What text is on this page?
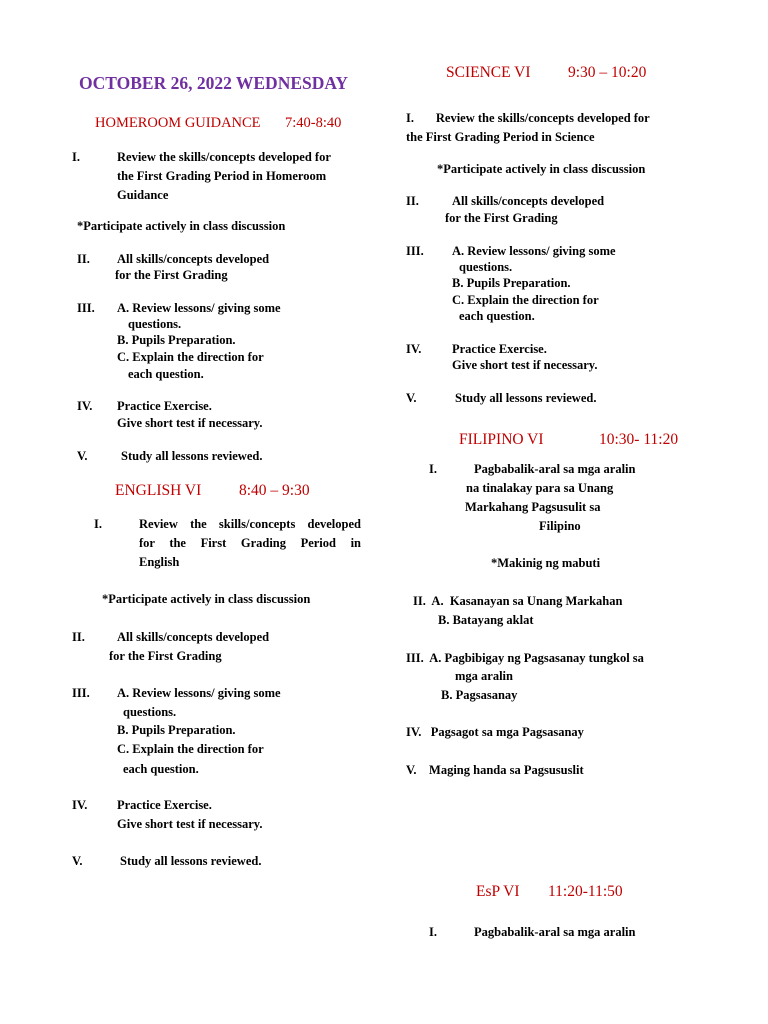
OCTOBER 26, 2022 WEDNESDAY
HOMEROOM GUIDANCE 7:40-8:40
I.	Review the skills/concepts developed for
the First Grading Period in Homeroom
Guidance
*Participate actively in class discussion
II. All skills/concepts developed
for the First Grading
III. A. Review lessons/ giving some
questions.
B. Pupils Preparation.
C. Explain the direction for
each question.
IV. Practice Exercise.
Give short test if necessary.
V.	Study all lessons reviewed.
ENGLISH VI 8:40 – 9:30
I.	Review the skills/concepts developed
for the First Grading Period in
English
*Participate actively in class discussion
II.	All skills/concepts developed
for the First Grading
III. A. Review lessons/ giving some
questions.
B. Pupils Preparation.
C. Explain the direction for
each question.
IV. Practice Exercise.
Give short test if necessary.
V.	Study all lessons reviewed.
SCIENCE VI 9:30 – 10:20
I.       Review the skills/concepts developed for
the First Grading Period in Science
*Participate actively in class discussion
II.	All skills/concepts developed
for the First Grading
III. A. Review lessons/ giving some
questions.
B. Pupils Preparation.
C. Explain the direction for
each question.
IV. Practice Exercise.
Give short test if necessary.
V.	Study all lessons reviewed.
FILIPINO VI	10:30- 11:20
I.	Pagbabalik-aral sa mga aralin
na tinalakay para sa Unang
Markahang Pagsusulit sa
Filipino
*Makinig ng mabuti
II.  A.  Kasanayan sa Unang Markahan
B. Batayang aklat
III.  A. Pagbibigay ng Pagsasanay tungkol sa
mga aralin
B. Pagsasanay
IV.   Pagsagot sa mga Pagsasanay
V.    Maging handa sa Pagsususlit
EsP VI 11:20-11:50
I.	Pagbabalik-aral sa mga aralin
